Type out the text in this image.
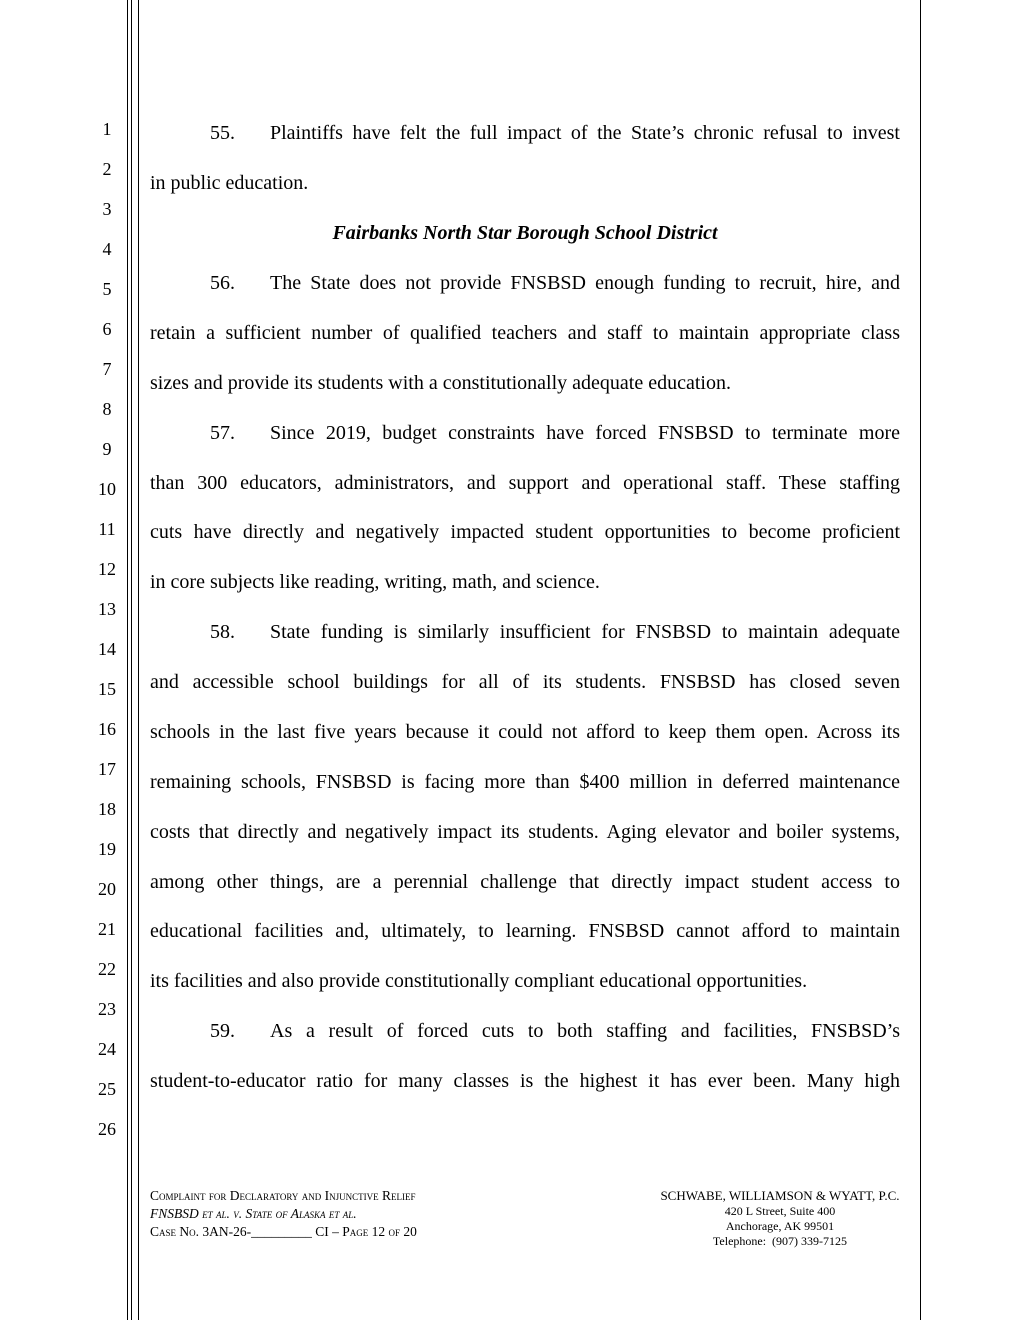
1
2
3
4
5
6
7
8
9
10
11
12
13
14
15
16
17
18
19
20
21
22
23
24
25
26
55. Plaintiffs have felt the full impact of the State’s chronic refusal to invest
in public education.
Fairbanks North Star Borough School District
56. The State does not provide FNSBSD enough funding to recruit, hire, and
retain a sufficient number of qualified teachers and staff to maintain appropriate class
sizes and provide its students with a constitutionally adequate education.
57. Since 2019, budget constraints have forced FNSBSD to terminate more
than 300 educators, administrators, and support and operational staff. These staffing
cuts have directly and negatively impacted student opportunities to become proficient
in core subjects like reading, writing, math, and science.
58. State funding is similarly insufficient for FNSBSD to maintain adequate
and accessible school buildings for all of its students. FNSBSD has closed seven
schools in the last five years because it could not afford to keep them open. Across its
remaining schools, FNSBSD is facing more than $400 million in deferred maintenance
costs that directly and negatively impact its students. Aging elevator and boiler systems,
among other things, are a perennial challenge that directly impact student access to
educational facilities and, ultimately, to learning. FNSBSD cannot afford to maintain
its facilities and also provide constitutionally compliant educational opportunities.
59. As a result of forced cuts to both staffing and facilities, FNSBSD’s
student-to-educator ratio for many classes is the highest it has ever been. Many high
Complaint for Declaratory and Injunctive Relief
FNSBSD et al. v. State of Alaska et al.
Case No. 3AN-26-_________ CI – Page 12 of 20
SCHWABE, WILLIAMSON & WYATT, P.C.
420 L Street, Suite 400
Anchorage, AK 99501
Telephone:  (907) 339-7125
